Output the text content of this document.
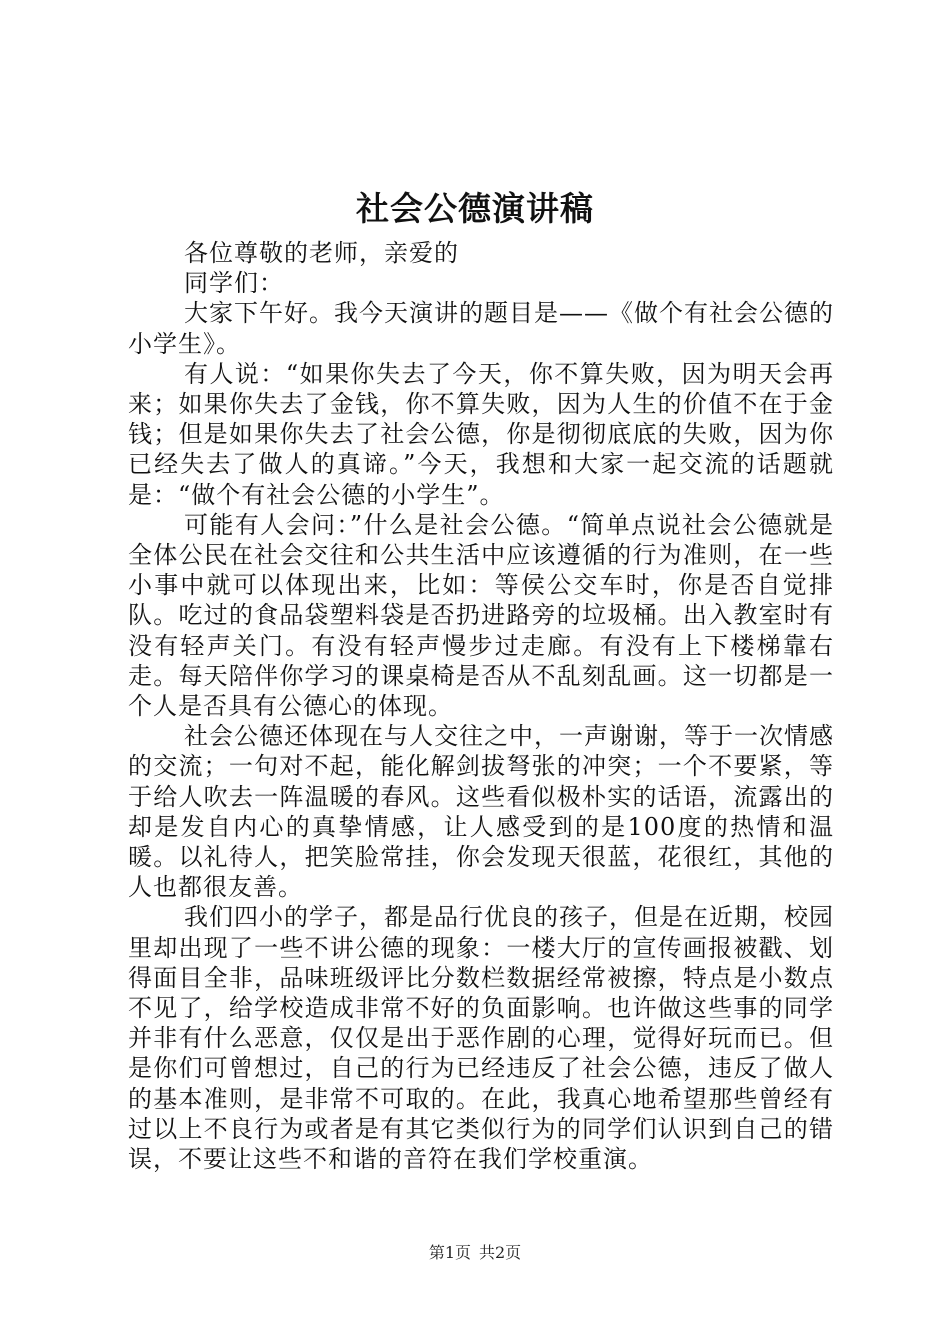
社会公德演讲稿

各位尊敬的老师，亲爱的

同学们：

大家下午好。我今天演讲的题目是——《做个有社会公德的小学生》。

有人说：“如果你失去了今天，你不算失败，因为明天会再来；如果你失去了金钱，你不算失败，因为人生的价值不在于金钱；但是如果你失去了社会公德，你是彻彻底底的失败，因为你已经失去了做人的真谛。”今天，我想和大家一起交流的话题就是：“做个有社会公德的小学生”。

可能有人会问：”什么是社会公德。“简单点说社会公德就是全体公民在社会交往和公共生活中应该遵循的行为准则，在一些小事中就可以体现出来，比如：等侯公交车时，你是否自觉排队。吃过的食品袋塑料袋是否扔进路旁的垃圾桶。出入教室时有没有轻声关门。有没有轻声慢步过走廊。有没有上下楼梯靠右走。每天陪伴你学习的课桌椅是否从不乱刻乱画。这一切都是一个人是否具有公德心的体现。

社会公德还体现在与人交往之中，一声谢谢，等于一次情感的交流；一句对不起，能化解剑拔弩张的冲突；一个不要紧，等于给人吹去一阵温暖的春风。这些看似极朴实的话语，流露出的却是发自内心的真挚情感，让人感受到的是100度的热情和温暖。以礼待人，把笑脸常挂，你会发现天很蓝，花很红，其他的人也都很友善。

我们四小的学子，都是品行优良的孩子，但是在近期，校园里却出现了一些不讲公德的现象：一楼大厅的宣传画报被戳、划得面目全非，品味班级评比分数栏数据经常被擦，特点是小数点不见了，给学校造成非常不好的负面影响。也许做这些事的同学并非有什么恶意，仅仅是出于恶作剧的心理，觉得好玩而已。但是你们可曾想过，自己的行为已经违反了社会公德，违反了做人的基本准则，是非常不可取的。在此，我真心地希望那些曾经有过以上不良行为或者是有其它类似行为的同学们认识到自己的错误，不要让这些不和谐的音符在我们学校重演。

第1页 共2页
